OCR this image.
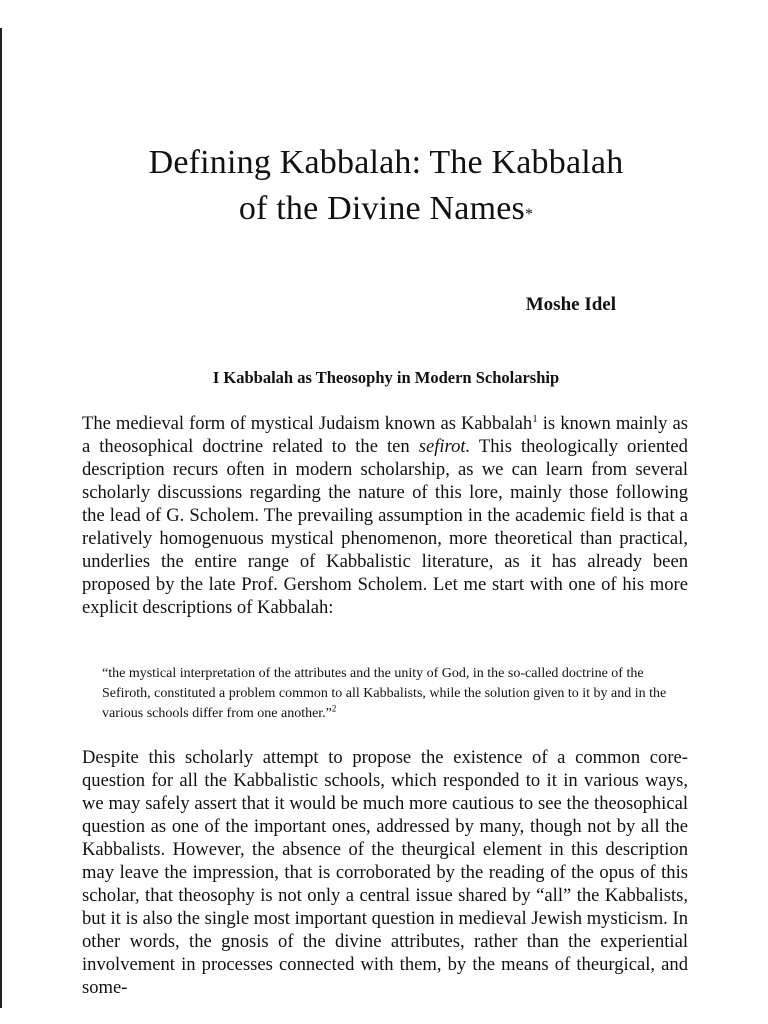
Defining Kabbalah: The Kabbalah
of the Divine Names*

Moshe Idel

I Kabbalah as Theosophy in Modern Scholarship

The medieval form of mystical Judaism known as Kabbalah$^1$ is known mainly as a theosophical doctrine related to the ten sefirot. This theologically oriented description recurs often in modern scholarship, as we can learn from several scholarly discussions regarding the nature of this lore, mainly those following the lead of G. Scholem. The prevailing assumption in the academic field is that a relatively homogenuous mystical phenomenon, more theoretical than practical, underlies the entire range of Kabbalistic literature, as it has already been proposed by the late Prof. Gershom Scholem. Let me start with one of his more explicit descriptions of Kabbalah:

“the mystical interpretation of the attributes and the unity of God, in the so-called doctrine of the Sefiroth, constituted a problem common to all Kabbalists, while the solution given to it by and in the various schools differ from one another.”$^2$

Despite this scholarly attempt to propose the existence of a common core-question for all the Kabbalistic schools, which responded to it in various ways, we may safely assert that it would be much more cautious to see the theosophical question as one of the important ones, addressed by many, though not by all the Kabbalists. However, the absence of the theurgical element in this description may leave the impression, that is corroborated by the reading of the opus of this scholar, that theosophy is not only a central issue shared by “all” the Kabbalists, but it is also the single most important question in medieval Jewish mysticism. In other words, the gnosis of the divine attributes, rather than the experiential involvement in processes connected with them, by the means of theurgical, and some-
